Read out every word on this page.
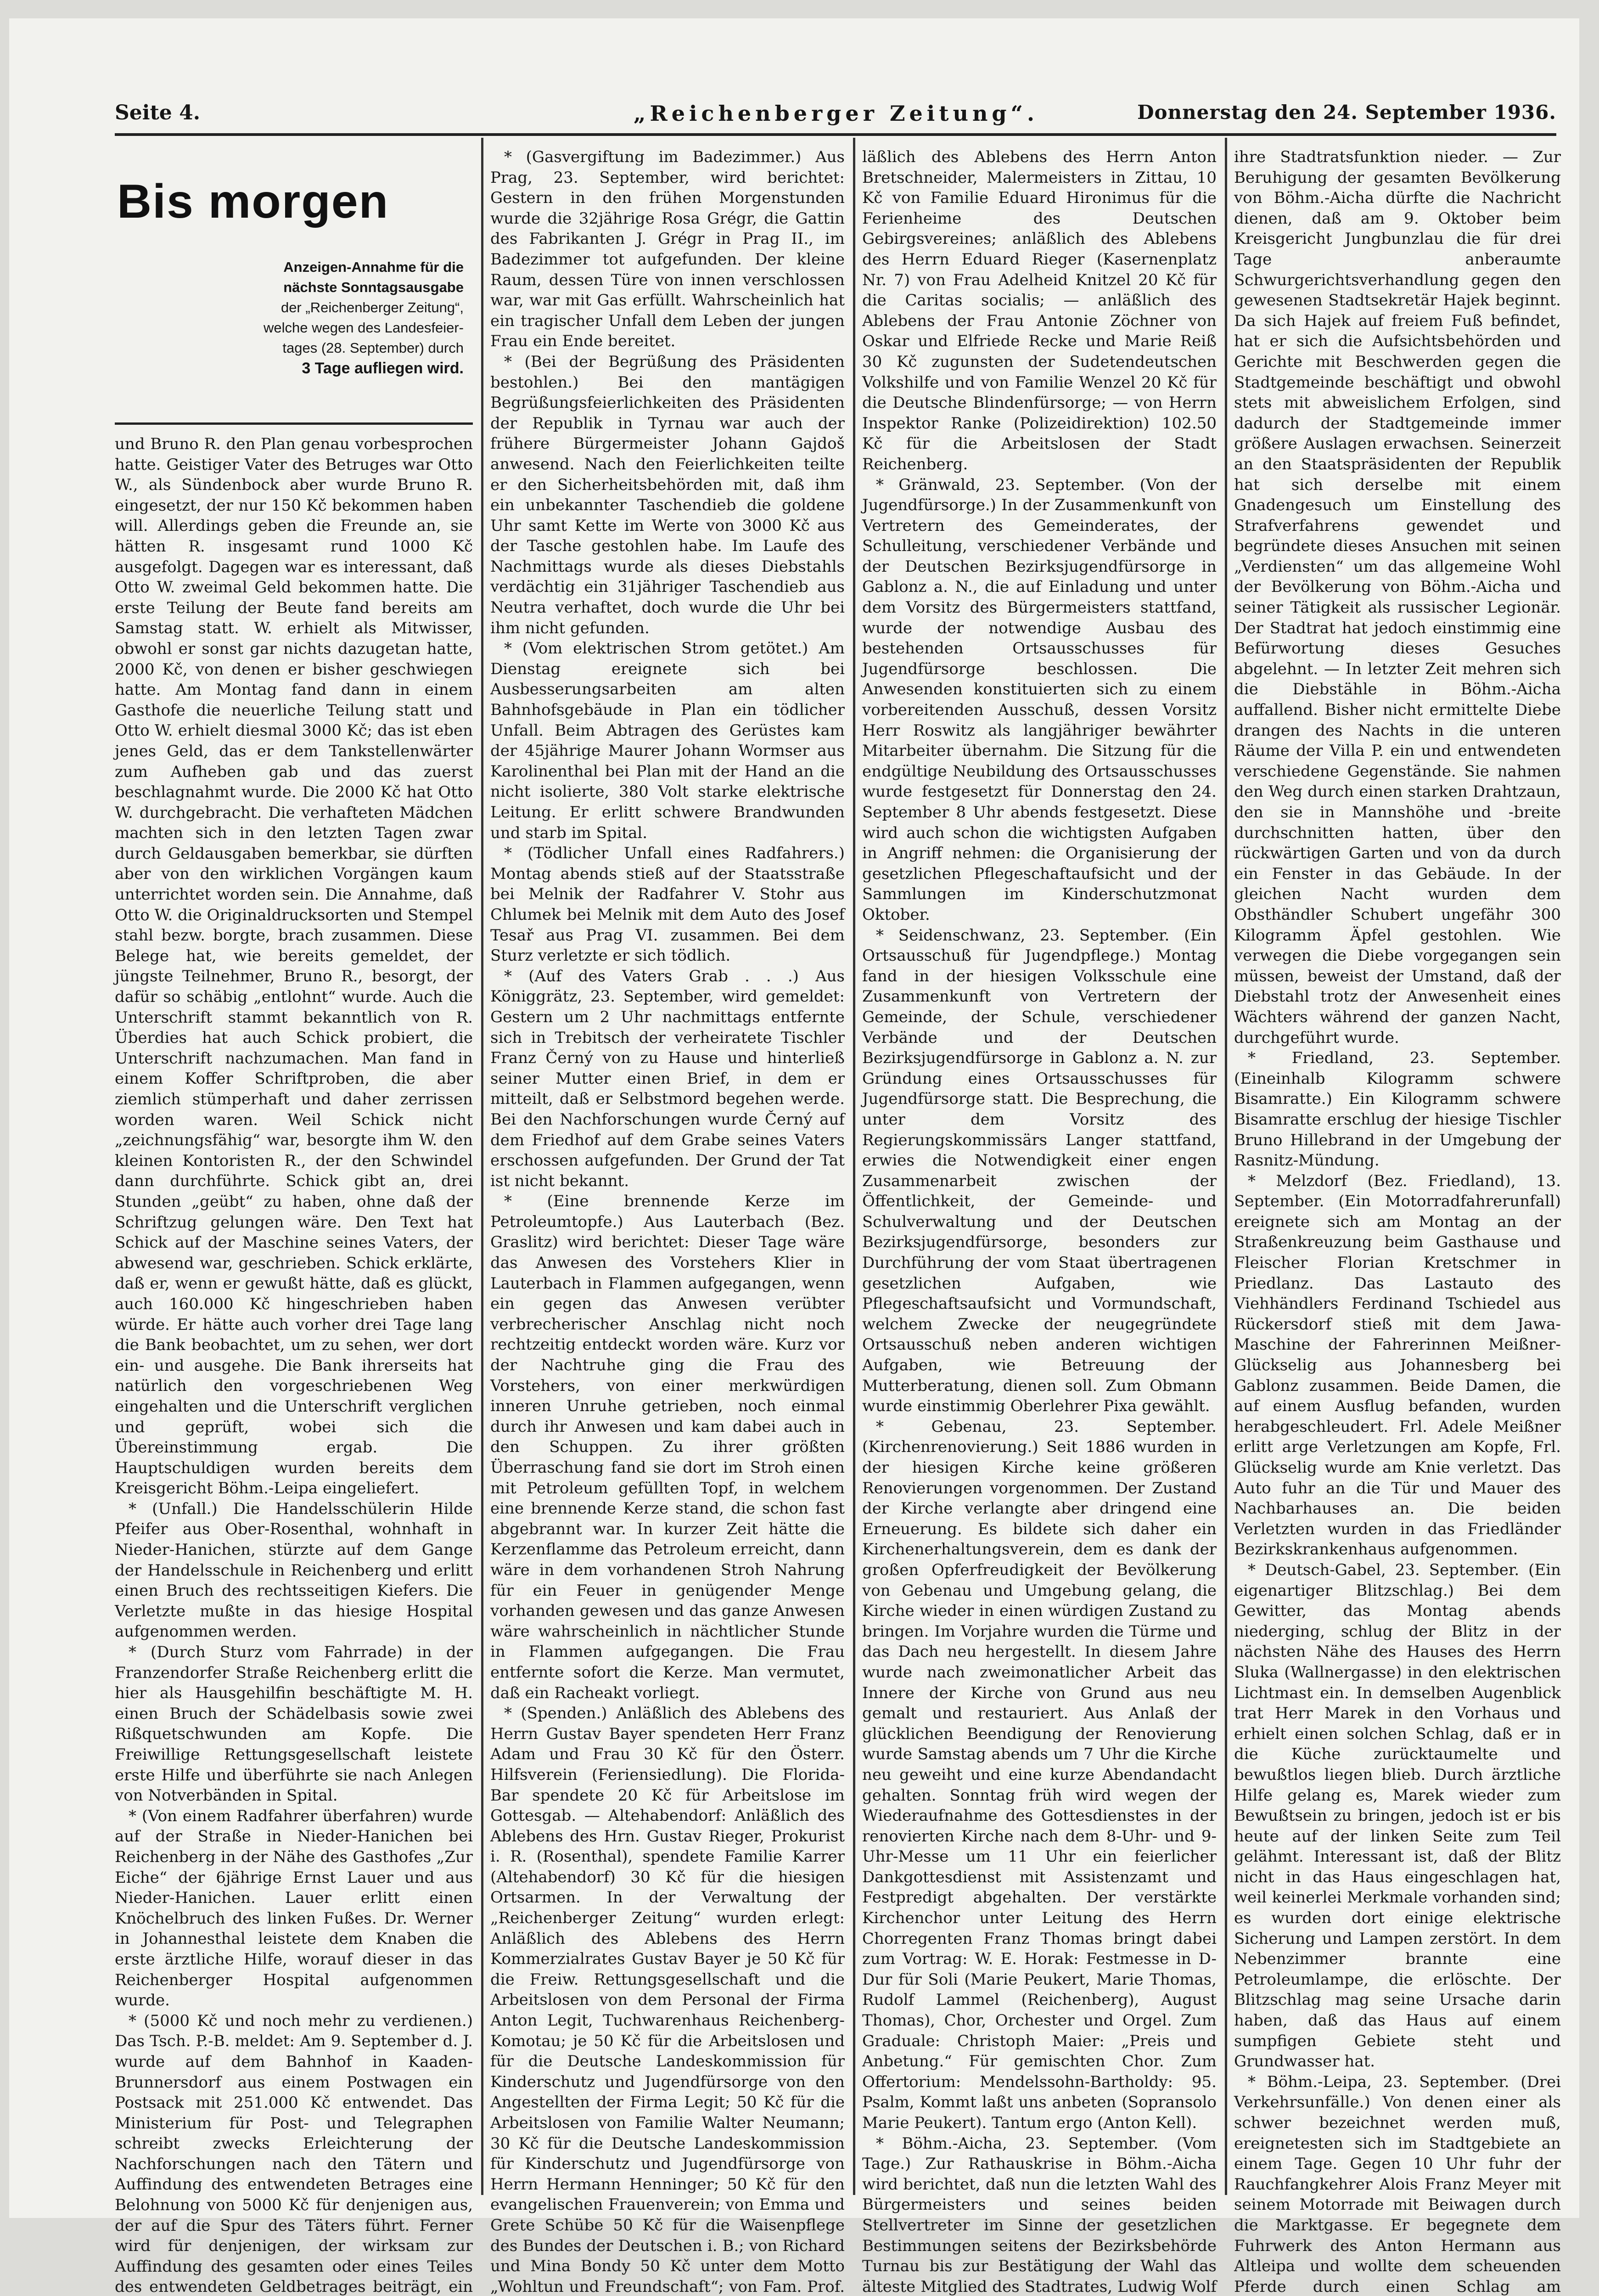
Seite 4.	„Reichenberger Zeitung“.	Donnerstag den 24. September 1936.
Bis morgen
Anzeigen-Annahme für die
nächste Sonntagsausgabe
der „Reichenberger Zeitung“,
welche wegen des Landesfeier-
tages (28. September) durch
3 Tage aufliegen wird.

und Bruno R. den Plan genau vorbesprochen hatte. Geistiger Vater des Betruges war Otto W., als Sündenbock aber wurde Bruno R. eingesetzt, der nur 150 Kč bekommen haben will. Allerdings geben die Freunde an, sie hätten R. insgesamt rund 1000 Kč ausgefolgt. Dagegen war es interessant, daß Otto W. zweimal Geld bekommen hatte. Die erste Teilung der Beute fand bereits am Samstag statt. W. erhielt als Mitwisser, obwohl er sonst gar nichts dazugetan hatte, 2000 Kč, von denen er bisher geschwiegen hatte. Am Montag fand dann in einem Gasthofe die neuerliche Teilung statt und Otto W. erhielt diesmal 3000 Kč; das ist eben jenes Geld, das er dem Tankstellenwärter zum Aufheben gab und das zuerst beschlagnahmt wurde. Die 2000 Kč hat Otto W. durchgebracht. Die verhafteten Mädchen machten sich in den letzten Tagen zwar durch Geldausgaben bemerkbar, sie dürften aber von den wirklichen Vorgängen kaum unterrichtet worden sein. Die Annahme, daß Otto W. die Originaldrucksorten und Stempel stahl bezw. borgte, brach zusammen. Diese Belege hat, wie bereits gemeldet, der jüngste Teilnehmer, Bruno R., besorgt, der dafür so schäbig „entlohnt“ wurde. Auch die Unterschrift stammt bekanntlich von R. Überdies hat auch Schick probiert, die Unterschrift nachzumachen. Man fand in einem Koffer Schriftproben, die aber ziemlich stümperhaft und daher zerrissen worden waren. Weil Schick nicht „zeichnungsfähig“ war, besorgte ihm W. den kleinen Kontoristen R., der den Schwindel dann durchführte. Schick gibt an, drei Stunden „geübt“ zu haben, ohne daß der Schriftzug gelungen wäre. Den Text hat Schick auf der Maschine seines Vaters, der abwesend war, geschrieben. Schick erklärte, daß er, wenn er gewußt hätte, daß es glückt, auch 160.000 Kč hingeschrieben haben würde. Er hätte auch vorher drei Tage lang die Bank beobachtet, um zu sehen, wer dort ein- und ausgehe. Die Bank ihrerseits hat natürlich den vorgeschriebenen Weg eingehalten und die Unterschrift verglichen und geprüft, wobei sich die Übereinstimmung ergab. Die Hauptschuldigen wurden bereits dem Kreisgericht Böhm.-Leipa eingeliefert.

* (Unfall.) Die Handelsschülerin Hilde Pfeifer aus Ober-Rosenthal, wohnhaft in Nieder-Hanichen, stürzte auf dem Gange der Handelsschule in Reichenberg und erlitt einen Bruch des rechtsseitigen Kiefers. Die Verletzte mußte in das hiesige Hospital aufgenommen werden.

* (Durch Sturz vom Fahrrade) in der Franzendorfer Straße Reichenberg erlitt die hier als Hausgehilfin beschäftigte M. H. einen Bruch der Schädelbasis sowie zwei Rißquetschwunden am Kopfe. Die Freiwillige Rettungsgesellschaft leistete erste Hilfe und überführte sie nach Anlegen von Notverbänden in Spital.

* (Von einem Radfahrer überfahren) wurde auf der Straße in Nieder-Hanichen bei Reichenberg in der Nähe des Gasthofes „Zur Eiche“ der 6jährige Ernst Lauer und aus Nieder-Hanichen. Lauer erlitt einen Knöchelbruch des linken Fußes. Dr. Werner in Johannesthal leistete dem Knaben die erste ärztliche Hilfe, worauf dieser in das Reichenberger Hospital aufgenommen wurde.

* (5000 Kč und noch mehr zu verdienen.) Das Tsch. P.-B. meldet: Am 9. September d. J. wurde auf dem Bahnhof in Kaaden-Brunnersdorf aus einem Postwagen ein Postsack mit 251.000 Kč entwendet. Das Ministerium für Post- und Telegraphen schreibt zwecks Erleichterung der Nachforschungen nach den Tätern und Auffindung des entwendeten Betrages eine Belohnung von 5000 Kč für denjenigen aus, der auf die Spur des Täters führt. Ferner wird für denjenigen, der wirksam zur Auffindung des gesamten oder eines Teiles des entwendeten Geldbetrages beiträgt, ein

* (Gasvergiftung im Badezimmer.) Aus Prag, 23. September, wird berichtet: Gestern in den frühen Morgenstunden wurde die 32jährige Rosa Grégr, die Gattin des Fabrikanten J. Grégr in Prag II., im Badezimmer tot aufgefunden. Der kleine Raum, dessen Türe von innen verschlossen war, war mit Gas erfüllt. Wahrscheinlich hat ein tragischer Unfall dem Leben der jungen Frau ein Ende bereitet.

* (Bei der Begrüßung des Präsidenten bestohlen.) Bei den mantägigen Begrüßungsfeierlichkeiten des Präsidenten der Republik in Tyrnau war auch der frühere Bürgermeister Johann Gajdoš anwesend. Nach den Feierlichkeiten teilte er den Sicherheitsbehörden mit, daß ihm ein unbekannter Taschendieb die goldene Uhr samt Kette im Werte von 3000 Kč aus der Tasche gestohlen habe. Im Laufe des Nachmittags wurde als dieses Diebstahls verdächtig ein 31jähriger Taschendieb aus Neutra verhaftet, doch wurde die Uhr bei ihm nicht gefunden.

* (Vom elektrischen Strom getötet.) Am Dienstag ereignete sich bei Ausbesserungsarbeiten am alten Bahnhofsgebäude in Plan ein tödlicher Unfall. Beim Abtragen des Gerüstes kam der 45jährige Maurer Johann Wormser aus Karolinenthal bei Plan mit der Hand an die nicht isolierte, 380 Volt starke elektrische Leitung. Er erlitt schwere Brandwunden und starb im Spital.

* (Tödlicher Unfall eines Radfahrers.) Montag abends stieß auf der Staatsstraße bei Melnik der Radfahrer V. Stohr aus Chlumek bei Melnik mit dem Auto des Josef Tesař aus Prag VI. zusammen. Bei dem Sturz verletzte er sich tödlich.

* (Auf des Vaters Grab . . .) Aus Königgrätz, 23. September, wird gemeldet: Gestern um 2 Uhr nachmittags entfernte sich in Trebitsch der verheiratete Tischler Franz Černý von zu Hause und hinterließ seiner Mutter einen Brief, in dem er mitteilt, daß er Selbstmord begehen werde. Bei den Nachforschungen wurde Černý auf dem Friedhof auf dem Grabe seines Vaters erschossen aufgefunden. Der Grund der Tat ist nicht bekannt.

* (Eine brennende Kerze im Petroleumtopfe.) Aus Lauterbach (Bez. Graslitz) wird berichtet: Dieser Tage wäre das Anwesen des Vorstehers Klier in Lauterbach in Flammen aufgegangen, wenn ein gegen das Anwesen verübter verbrecherischer Anschlag nicht noch rechtzeitig entdeckt worden wäre. Kurz vor der Nachtruhe ging die Frau des Vorstehers, von einer merkwürdigen inneren Unruhe getrieben, noch einmal durch ihr Anwesen und kam dabei auch in den Schuppen. Zu ihrer größten Überraschung fand sie dort im Stroh einen mit Petroleum gefüllten Topf, in welchem eine brennende Kerze stand, die schon fast abgebrannt war. In kurzer Zeit hätte die Kerzenflamme das Petroleum erreicht, dann wäre in dem vorhandenen Stroh Nahrung für ein Feuer in genügender Menge vorhanden gewesen und das ganze Anwesen wäre wahrscheinlich in nächtlicher Stunde in Flammen aufgegangen. Die Frau entfernte sofort die Kerze. Man vermutet, daß ein Racheakt vorliegt.

* (Spenden.) Anläßlich des Ablebens des Herrn Gustav Bayer spendeten Herr Franz Adam und Frau 30 Kč für den Österr. Hilfsverein (Feriensiedlung). Die Florida-Bar spendete 20 Kč für Arbeitslose im Gottesgab. — Altehabendorf: Anläßlich des Ablebens des Hrn. Gustav Rieger, Prokurist i. R. (Rosenthal), spendete Familie Karrer (Altehabendorf) 30 Kč für die hiesigen Ortsarmen. In der Verwaltung der „Reichenberger Zeitung“ wurden erlegt: Anläßlich des Ablebens des Herrn Kommerzialrates Gustav Bayer je 50 Kč für die Freiw. Rettungsgesellschaft und die Arbeitslosen von dem Personal der Firma Anton Legit, Tuchwarenhaus Reichenberg-Komotau; je 50 Kč für die Arbeitslosen und für die Deutsche Landeskommission für Kinderschutz und Jugendfürsorge von den Angestellten der Firma Legit; 50 Kč für die Arbeitslosen von Familie Walter Neumann; 30 Kč für die Deutsche Landeskommission für Kinderschutz und Jugendfürsorge von Herrn Hermann Henninger; 50 Kč für den evangelischen Frauenverein; von Emma und Grete Schübe 50 Kč für die Waisenpflege des Bundes der Deutschen i. B.; von Richard und Mina Bondy 50 Kč unter dem Motto „Wohltun und Freundschaft“; von Fam. Prof.

läßlich des Ablebens des Herrn Anton Bretschneider, Malermeisters in Zittau, 10 Kč von Familie Eduard Hironimus für die Ferienheime des Deutschen Gebirgsvereines; anläßlich des Ablebens des Herrn Eduard Rieger (Kasernenplatz Nr. 7) von Frau Adelheid Knitzel 20 Kč für die Caritas socialis; — anläßlich des Ablebens der Frau Antonie Zöchner von Oskar und Elfriede Recke und Marie Reiß 30 Kč zugunsten der Sudetendeutschen Volkshilfe und von Familie Wenzel 20 Kč für die Deutsche Blindenfürsorge; — von Herrn Inspektor Ranke (Polizeidirektion) 102.50 Kč für die Arbeitslosen der Stadt Reichenberg.

* Gränwald, 23. September. (Von der Jugendfürsorge.) In der Zusammenkunft von Vertretern des Gemeinderates, der Schulleitung, verschiedener Verbände und der Deutschen Bezirksjugendfürsorge in Gablonz a. N., die auf Einladung und unter dem Vorsitz des Bürgermeisters stattfand, wurde der notwendige Ausbau des bestehenden Ortsausschusses für Jugendfürsorge beschlossen. Die Anwesenden konstituierten sich zu einem vorbereitenden Ausschuß, dessen Vorsitz Herr Roswitz als langjähriger bewährter Mitarbeiter übernahm. Die Sitzung für die endgültige Neubildung des Ortsausschusses wurde festgesetzt für Donnerstag den 24. September 8 Uhr abends festgesetzt. Diese wird auch schon die wichtigsten Aufgaben in Angriff nehmen: die Organisierung der gesetzlichen Pflegeschaftaufsicht und der Sammlungen im Kinderschutzmonat Oktober.

* Seidenschwanz, 23. September. (Ein Ortsausschuß für Jugendpflege.) Montag fand in der hiesigen Volksschule eine Zusammenkunft von Vertretern der Gemeinde, der Schule, verschiedener Verbände und der Deutschen Bezirksjugendfürsorge in Gablonz a. N. zur Gründung eines Ortsausschusses für Jugendfürsorge statt. Die Besprechung, die unter dem Vorsitz des Regierungskommissärs Langer stattfand, erwies die Notwendigkeit einer engen Zusammenarbeit zwischen der Öffentlichkeit, der Gemeinde- und Schulverwaltung und der Deutschen Bezirksjugendfürsorge, besonders zur Durchführung der vom Staat übertragenen gesetzlichen Aufgaben, wie Pflegeschaftsaufsicht und Vormundschaft, welchem Zwecke der neugegründete Ortsausschuß neben anderen wichtigen Aufgaben, wie Betreuung der Mutterberatung, dienen soll. Zum Obmann wurde einstimmig Oberlehrer Pixa gewählt.

* Gebenau, 23. September. (Kirchenrenovierung.) Seit 1886 wurden in der hiesigen Kirche keine größeren Renovierungen vorgenommen. Der Zustand der Kirche verlangte aber dringend eine Erneuerung. Es bildete sich daher ein Kirchenerhaltungsverein, dem es dank der großen Opferfreudigkeit der Bevölkerung von Gebenau und Umgebung gelang, die Kirche wieder in einen würdigen Zustand zu bringen. Im Vorjahre wurden die Türme und das Dach neu hergestellt. In diesem Jahre wurde nach zweimonatlicher Arbeit das Innere der Kirche von Grund aus neu gemalt und restauriert. Aus Anlaß der glücklichen Beendigung der Renovierung wurde Samstag abends um 7 Uhr die Kirche neu geweiht und eine kurze Abendandacht gehalten. Sonntag früh wird wegen der Wiederaufnahme des Gottesdienstes in der renovierten Kirche nach dem 8-Uhr- und 9-Uhr-Messe um 11 Uhr ein feierlicher Dankgottesdienst mit Assistenzamt und Festpredigt abgehalten. Der verstärkte Kirchenchor unter Leitung des Herrn Chorregenten Franz Thomas bringt dabei zum Vortrag: W. E. Horak: Festmesse in D-Dur für Soli (Marie Peukert, Marie Thomas, Rudolf Lammel (Reichenberg), August Thomas), Chor, Orchester und Orgel. Zum Graduale: Christoph Maier: „Preis und Anbetung.“ Für gemischten Chor. Zum Offertorium: Mendelssohn-Bartholdy: 95. Psalm, Kommt laßt uns anbeten (Sopransolo Marie Peukert). Tantum ergo (Anton Kell).

* Böhm.-Aicha, 23. September. (Vom Tage.) Zur Rathauskrise in Böhm.-Aicha wird berichtet, daß nun die letzten Wahl des Bürgermeisters und seines beiden Stellvertreter im Sinne der gesetzlichen Bestimmungen seitens der Bezirksbehörde Turnau bis zur Bestätigung der Wahl das älteste Mitglied des Stadtrates, Ludwig Wolf

ihre Stadtratsfunktion nieder. — Zur Beruhigung der gesamten Bevölkerung von Böhm.-Aicha dürfte die Nachricht dienen, daß am 9. Oktober beim Kreisgericht Jungbunzlau die für drei Tage anberaumte Schwurgerichtsverhandlung gegen den gewesenen Stadtsekretär Hajek beginnt. Da sich Hajek auf freiem Fuß befindet, hat er sich die Aufsichtsbehörden und Gerichte mit Beschwerden gegen die Stadtgemeinde beschäftigt und obwohl stets mit abweislichem Erfolgen, sind dadurch der Stadtgemeinde immer größere Auslagen erwachsen. Seinerzeit an den Staatspräsidenten der Republik hat sich derselbe mit einem Gnadengesuch um Einstellung des Strafverfahrens gewendet und begründete dieses Ansuchen mit seinen „Verdiensten“ um das allgemeine Wohl der Bevölkerung von Böhm.-Aicha und seiner Tätigkeit als russischer Legionär. Der Stadtrat hat jedoch einstimmig eine Befürwortung dieses Gesuches abgelehnt. — In letzter Zeit mehren sich die Diebstähle in Böhm.-Aicha auffallend. Bisher nicht ermittelte Diebe drangen des Nachts in die unteren Räume der Villa P. ein und entwendeten verschiedene Gegenstände. Sie nahmen den Weg durch einen starken Drahtzaun, den sie in Mannshöhe und -breite durchschnitten hatten, über den rückwärtigen Garten und von da durch ein Fenster in das Gebäude. In der gleichen Nacht wurden dem Obsthändler Schubert ungefähr 300 Kilogramm Äpfel gestohlen. Wie verwegen die Diebe vorgegangen sein müssen, beweist der Umstand, daß der Diebstahl trotz der Anwesenheit eines Wächters während der ganzen Nacht, durchgeführt wurde.

* Friedland, 23. September. (Eineinhalb Kilogramm schwere Bisamratte.) Ein Kilogramm schwere Bisamratte erschlug der hiesige Tischler Bruno Hillebrand in der Umgebung der Rasnitz-Mündung.

* Melzdorf (Bez. Friedland), 13. September. (Ein Motorradfahrerunfall) ereignete sich am Montag an der Straßenkreuzung beim Gasthause und Fleischer Florian Kretschmer in Priedlanz. Das Lastauto des Viehhändlers Ferdinand Tschiedel aus Rückersdorf stieß mit dem Jawa-Maschine der Fahrerinnen Meißner-Glückselig aus Johannesberg bei Gablonz zusammen. Beide Damen, die auf einem Ausflug befanden, wurden herabgeschleudert. Frl. Adele Meißner erlitt arge Verletzungen am Kopfe, Frl. Glückselig wurde am Knie verletzt. Das Auto fuhr an die Tür und Mauer des Nachbarhauses an. Die beiden Verletzten wurden in das Friedländer Bezirkskrankenhaus aufgenommen.

* Deutsch-Gabel, 23. September. (Ein eigenartiger Blitzschlag.) Bei dem Gewitter, das Montag abends niederging, schlug der Blitz in der nächsten Nähe des Hauses des Herrn Sluka (Wallnergasse) in den elektrischen Lichtmast ein. In demselben Augenblick trat Herr Marek in den Vorhaus und erhielt einen solchen Schlag, daß er in die Küche zurücktaumelte und bewußtlos liegen blieb. Durch ärztliche Hilfe gelang es, Marek wieder zum Bewußtsein zu bringen, jedoch ist er bis heute auf der linken Seite zum Teil gelähmt. Interessant ist, daß der Blitz nicht in das Haus eingeschlagen hat, weil keinerlei Merkmale vorhanden sind; es wurden dort einige elektrische Sicherung und Lampen zerstört. In dem Nebenzimmer brannte eine Petroleumlampe, die erlöschte. Der Blitzschlag mag seine Ursache darin haben, daß das Haus auf einem sumpfigen Gebiete steht und Grundwasser hat.

* Böhm.-Leipa, 23. September. (Drei Verkehrsunfälle.) Von denen einer als schwer bezeichnet werden muß, ereignetesten sich im Stadtgebiete an einem Tage. Gegen 10 Uhr fuhr der Rauchfangkehrer Alois Franz Meyer mit seinem Motorrade mit Beiwagen durch die Marktgasse. Er begegnete dem Fuhrwerk des Anton Hermann aus Altleipa und wollte dem scheuenden Pferde durch einen Schlag am
